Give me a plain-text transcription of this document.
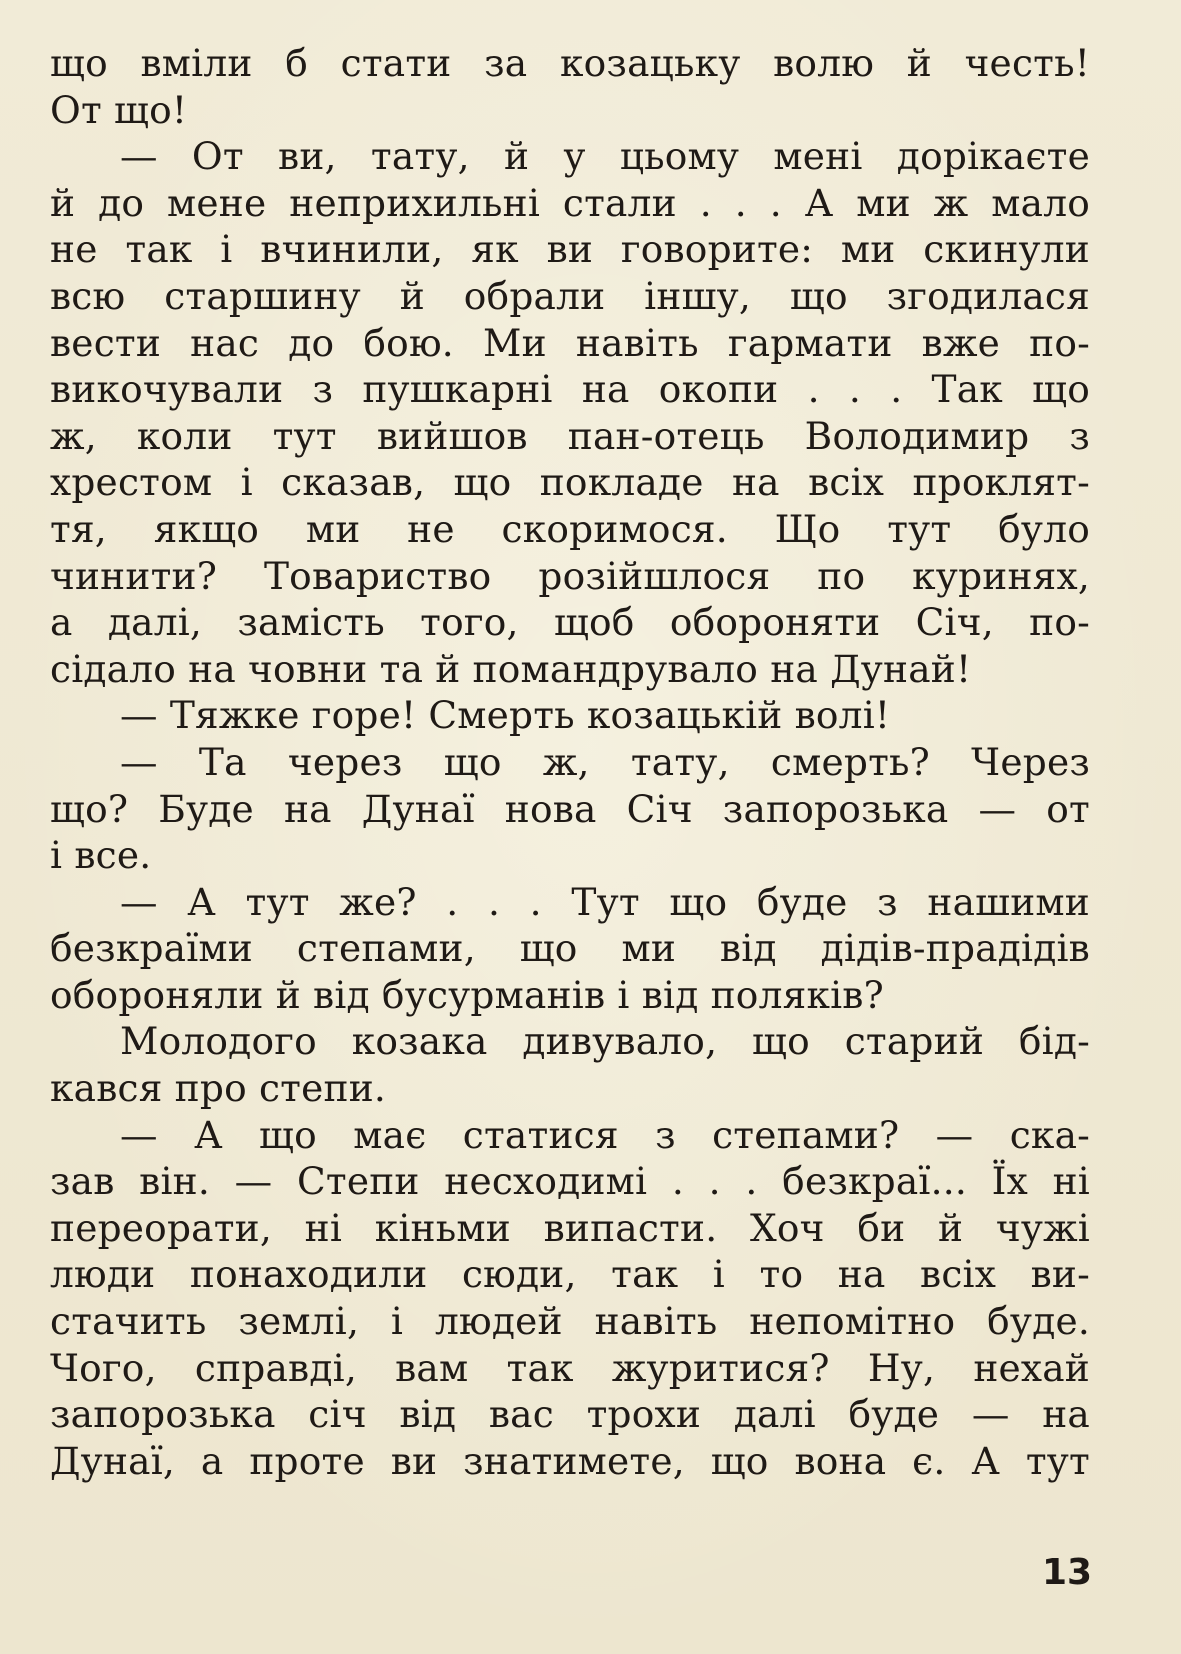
що вміли б стати за козацьку волю й честь!
От що!
— От ви, тату, й у цьому мені дорікаєте
й до мене неприхильні стали . . . А ми ж мало
не так і вчинили, як ви говорите: ми скинули
всю старшину й обрали іншу, що згодилася
вести нас до бою. Ми навіть гармати вже по-
викочували з пушкарні на окопи . . . Так що
ж, коли тут вийшов пан-отець Володимир з
хрестом і сказав, що покладе на всіх проклят-
тя, якщо ми не скоримося. Що тут було
чинити? Товариство розійшлося по куринях,
а далі, замість того, щоб обороняти Січ, по-
сідало на човни та й помандрувало на Дунай!
— Тяжке горе! Смерть козацькій волі!
— Та через що ж, тату, смерть? Через
що? Буде на Дунаї нова Січ запорозька — от
і все.
— А тут же? . . . Тут що буде з нашими
безкраїми степами, що ми від дідів-прадідів
обороняли й від бусурманів і від поляків?
Молодого козака дивувало, що старий бід-
кався про степи.
— А що має статися з степами? — ска-
зав він. — Степи несходимі . . . безкраї... Їх ні
переорати, ні кіньми випасти. Хоч би й чужі
люди понаходили сюди, так і то на всіх ви-
стачить землі, і людей навіть непомітно буде.
Чого, справді, вам так журитися? Ну, нехай
запорозька січ від вас трохи далі буде — на
Дунаї, а проте ви знатимете, що вона є. А тут
13
